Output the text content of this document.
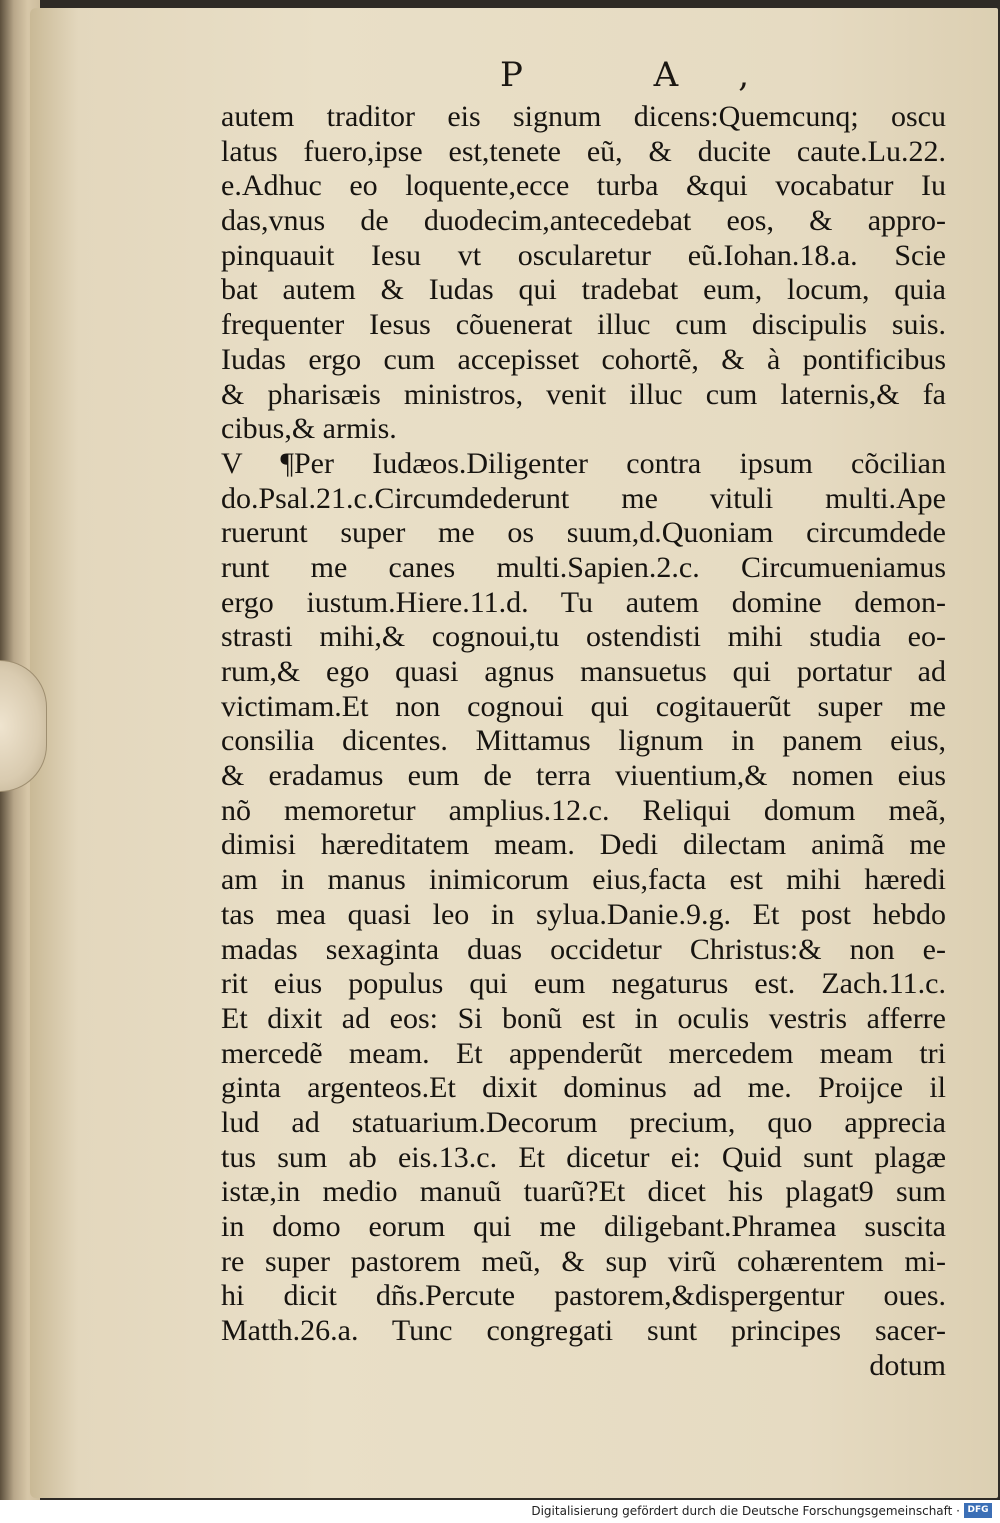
P A,
autem traditor eis signum dicens:Quemcunq; oscu
latus fuero,ipse est,tenete eũ, & ducite caute.Lu.22.
e.Adhuc eo loquente,ecce turba &qui vocabatur Iu
das,vnus de duodecim,antecedebat eos, & appro-
pinquauit Iesu vt oscularetur eũ.Iohan.18.a. Scie
bat autem & Iudas qui tradebat eum, locum, quia
frequenter Iesus cõuenerat illuc cum discipulis suis.
Iudas ergo cum accepisset cohortẽ, & à pontificibus
& pharisæis ministros, venit illuc cum laternis,& fa
cibus,& armis.
V ¶Per Iudæos.Diligenter contra ipsum cõcilian
do.Psal.21.c.Circumdederunt me vituli multi.Ape
ruerunt super me os suum,d.Quoniam circumdede
runt me canes multi.Sapien.2.c. Circumueniamus
ergo iustum.Hiere.11.d. Tu autem domine demon-
strasti mihi,& cognoui,tu ostendisti mihi studia eo-
rum,& ego quasi agnus mansuetus qui portatur ad
victimam.Et non cognoui qui cogitauerũt super me
consilia dicentes. Mittamus lignum in panem eius,
& eradamus eum de terra viuentium,& nomen eius
nõ memoretur amplius.12.c. Reliqui domum meã,
dimisi hæreditatem meam. Dedi dilectam animã me
am in manus inimicorum eius,facta est mihi hæredi
tas mea quasi leo in sylua.Danie.9.g. Et post hebdo
madas sexaginta duas occidetur Christus:& non e-
rit eius populus qui eum negaturus est. Zach.11.c.
Et dixit ad eos: Si bonũ est in oculis vestris afferre
mercedẽ meam. Et appenderũt mercedem meam tri
ginta argenteos.Et dixit dominus ad me. Proijce il
lud ad statuarium.Decorum precium, quo apprecia
tus sum ab eis.13.c. Et dicetur ei: Quid sunt plagæ
istæ,in medio manuũ tuarũ?Et dicet his plagat9 sum
in domo eorum qui me diligebant.Phramea suscita
re super pastorem meũ, & sup virũ cohærentem mi-
hi dicit dñs.Percute pastorem,&dispergentur oues.
Matth.26.a. Tunc congregati sunt principes sacer-
dotum
Digitalisierung gefördert durch die Deutsche Forschungsgemeinschaft · DFG
